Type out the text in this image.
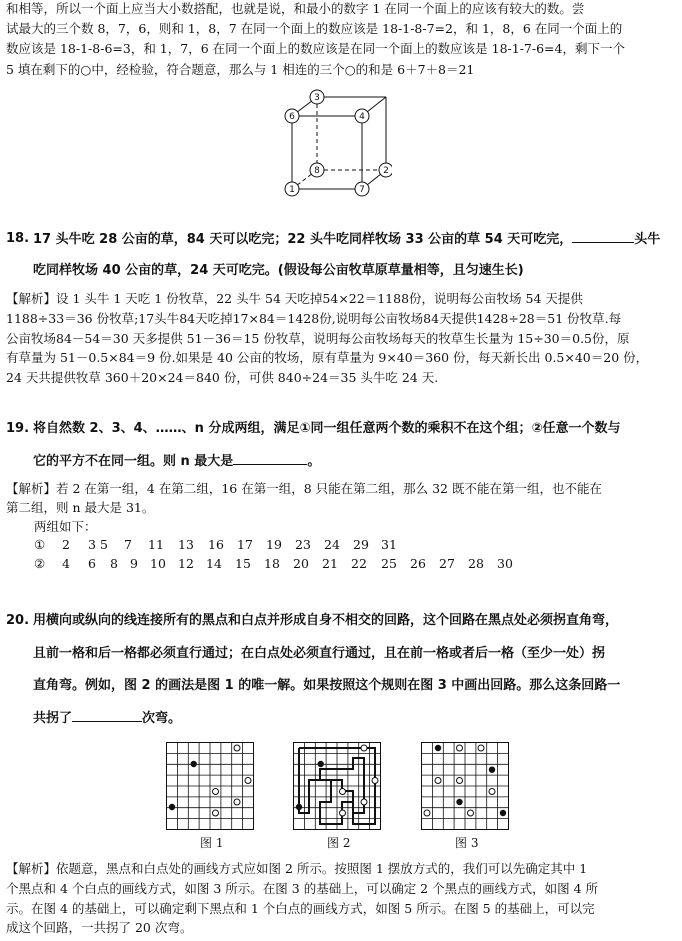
和相等，所以一个面上应当大小数搭配，也就是说，和最小的数字 1 在同一个面上的应该有较大的数。尝
试最大的三个数 8，7，6，则和 1，8，7 在同一个面上的数应该是 18-1-8-7=2，和 1，8，6 在同一个面上的
数应该是 18-1-8-6=3，和 1，7，6 在同一个面上的数应该是在同一个面上的数应该是 18-1-7-6=4，剩下一个
5 填在剩下的○中，经检验，符合题意，那么与 1 相连的三个○的和是 6＋7＋8＝21
3
6	4
8	2
1	7
18. 17 头牛吃 28 公亩的草，84 天可以吃完；22 头牛吃同样牧场 33 公亩的草 54 天可吃完，	头牛
吃同样牧场 40 公亩的草，24 天可吃完。(假设每公亩牧草原草量相等，且匀速生长)
【解析】设 1 头牛 1 天吃 1 份牧草，22 头牛 54 天吃掉54×22＝1188份，说明每公亩牧场 54 天提供
1188÷33＝36 份牧草;17头牛84天吃掉17×84＝1428份,说明每公亩牧场84天提供1428÷28＝51 份牧草.每
公亩牧场84－54＝30 天多提供 51－36＝15 份牧草，说明每公亩牧场每天的牧草生长量为 15÷30＝0.5份，原
有草量为 51－0.5×84＝9 份.如果是 40 公亩的牧场，原有草量为 9×40＝360 份，每天新长出 0.5×40＝20 份，
24 天共提供牧草 360＋20×24＝840 份，可供 840÷24＝35 头牛吃 24 天.
19. 将自然数 2、3、4、……、n 分成两组，满足①同一组任意两个数的乘积不在这个组；②任意一个数与
它的平方不在同一组。则 n 最大是	。
【解析】若 2 在第一组，4 在第二组，16 在第一组，8 只能在第二组，那么 32 既不能在第一组，也不能在
第二组，则 n 最大是 31。
两组如下：
① 2 3 5 7 11 13 16 17 19 23 24 29 31
② 4 6 8 9 10 12 14 15 18 20 21 22 25 26 27 28 30
20. 用横向或纵向的线连接所有的黑点和白点并形成自身不相交的回路，这个回路在黑点处必须拐直角弯，
且前一格和后一格都必须直行通过；在白点处必须直行通过，且在前一格或者后一格（至少一处）拐
直角弯。例如，图 2 的画法是图 1 的唯一解。如果按照这个规则在图 3 中画出回路。那么这条回路一
共拐了	次弯。
图 1	图 2	图 3
【解析】依题意，黑点和白点处的画线方式应如图 2 所示。按照图 1 摆放方式的，我们可以先确定其中 1
个黑点和 4 个白点的画线方式，如图 3 所示。在图 3 的基础上，可以确定 2 个黑点的画线方式，如图 4 所
示。在图 4 的基础上，可以确定剩下黑点和 1 个白点的画线方式，如图 5 所示。在图 5 的基础上，可以完
成这个回路，一共拐了 20 次弯。
